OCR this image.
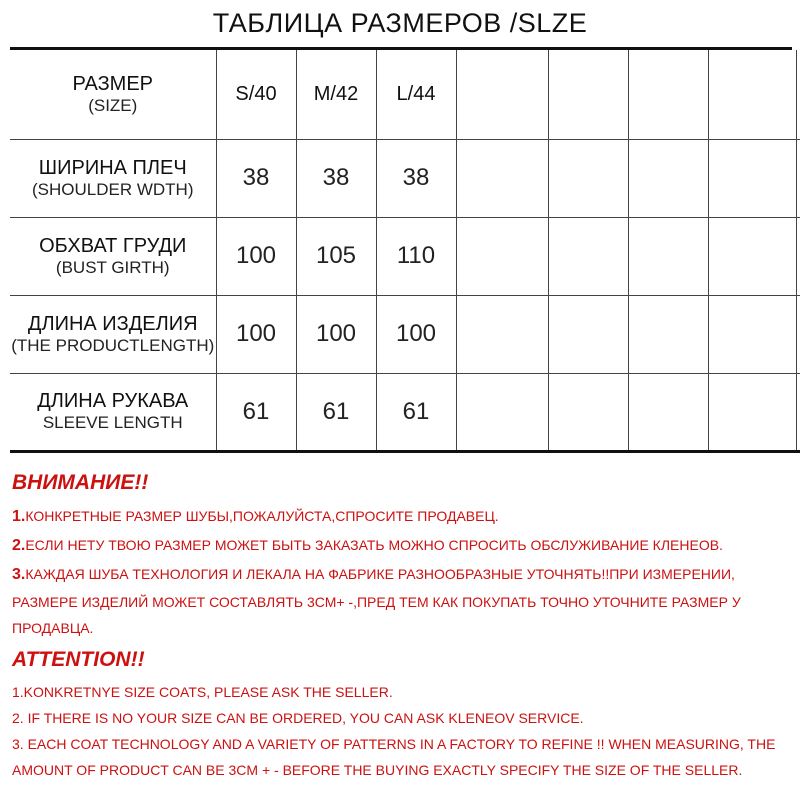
ТАБЛИЦА РАЗМЕРОВ /SLZE
РАЗМЕР
(SIZE)	S/40	M/42	L/44					

ШИРИНА ПЛЕЧ
(SHOULDER WDTH)	38	38	38					

ОБХВАТ ГРУДИ
(BUST GIRTH)	100	105	110					

ДЛИНА ИЗДЕЛИЯ
(THE PRODUCTLENGTH)	100	100	100					

ДЛИНА РУКАВА
SLEEVE LENGTH	61	61	61					

ВНИМАНИЕ!!

1.КОНКРЕТНЫЕ РАЗМЕР ШУБЫ,ПОЖАЛУЙСТА,СПРОСИТЕ ПРОДАВЕЦ.

2.ЕСЛИ НЕТУ ТВОЮ РАЗМЕР МОЖЕТ БЫТЬ ЗАКАЗАТЬ МОЖНО СПРОСИТЬ ОБСЛУЖИВАНИЕ КЛЕНЕОВ.

3.КАЖДАЯ ШУБА ТЕХНОЛОГИЯ И ЛЕКАЛА НА ФАБРИКЕ РАЗНООБРАЗНЫЕ УТОЧНЯТЬ!!ПРИ ИЗМЕРЕНИИ,

РАЗМЕРЕ ИЗДЕЛИЙ МОЖЕТ СОСТАВЛЯТЬ 3СМ+ -,ПРЕД ТЕМ КАК ПОКУПАТЬ ТОЧНО УТОЧНИТЕ РАЗМЕР У

ПРОДАВЦА.

ATTENTION!!

1.KONKRETNYE SIZE COATS, PLEASE ASK THE SELLER.

2. IF THERE IS NO YOUR SIZE CAN BE ORDERED, YOU CAN ASK KLENEOV SERVICE.

3. EACH COAT TECHNOLOGY AND A VARIETY OF PATTERNS IN A FACTORY TO REFINE !! WHEN MEASURING, THE

AMOUNT OF PRODUCT CAN BE 3CM + - BEFORE THE BUYING EXACTLY SPECIFY THE SIZE OF THE SELLER.
